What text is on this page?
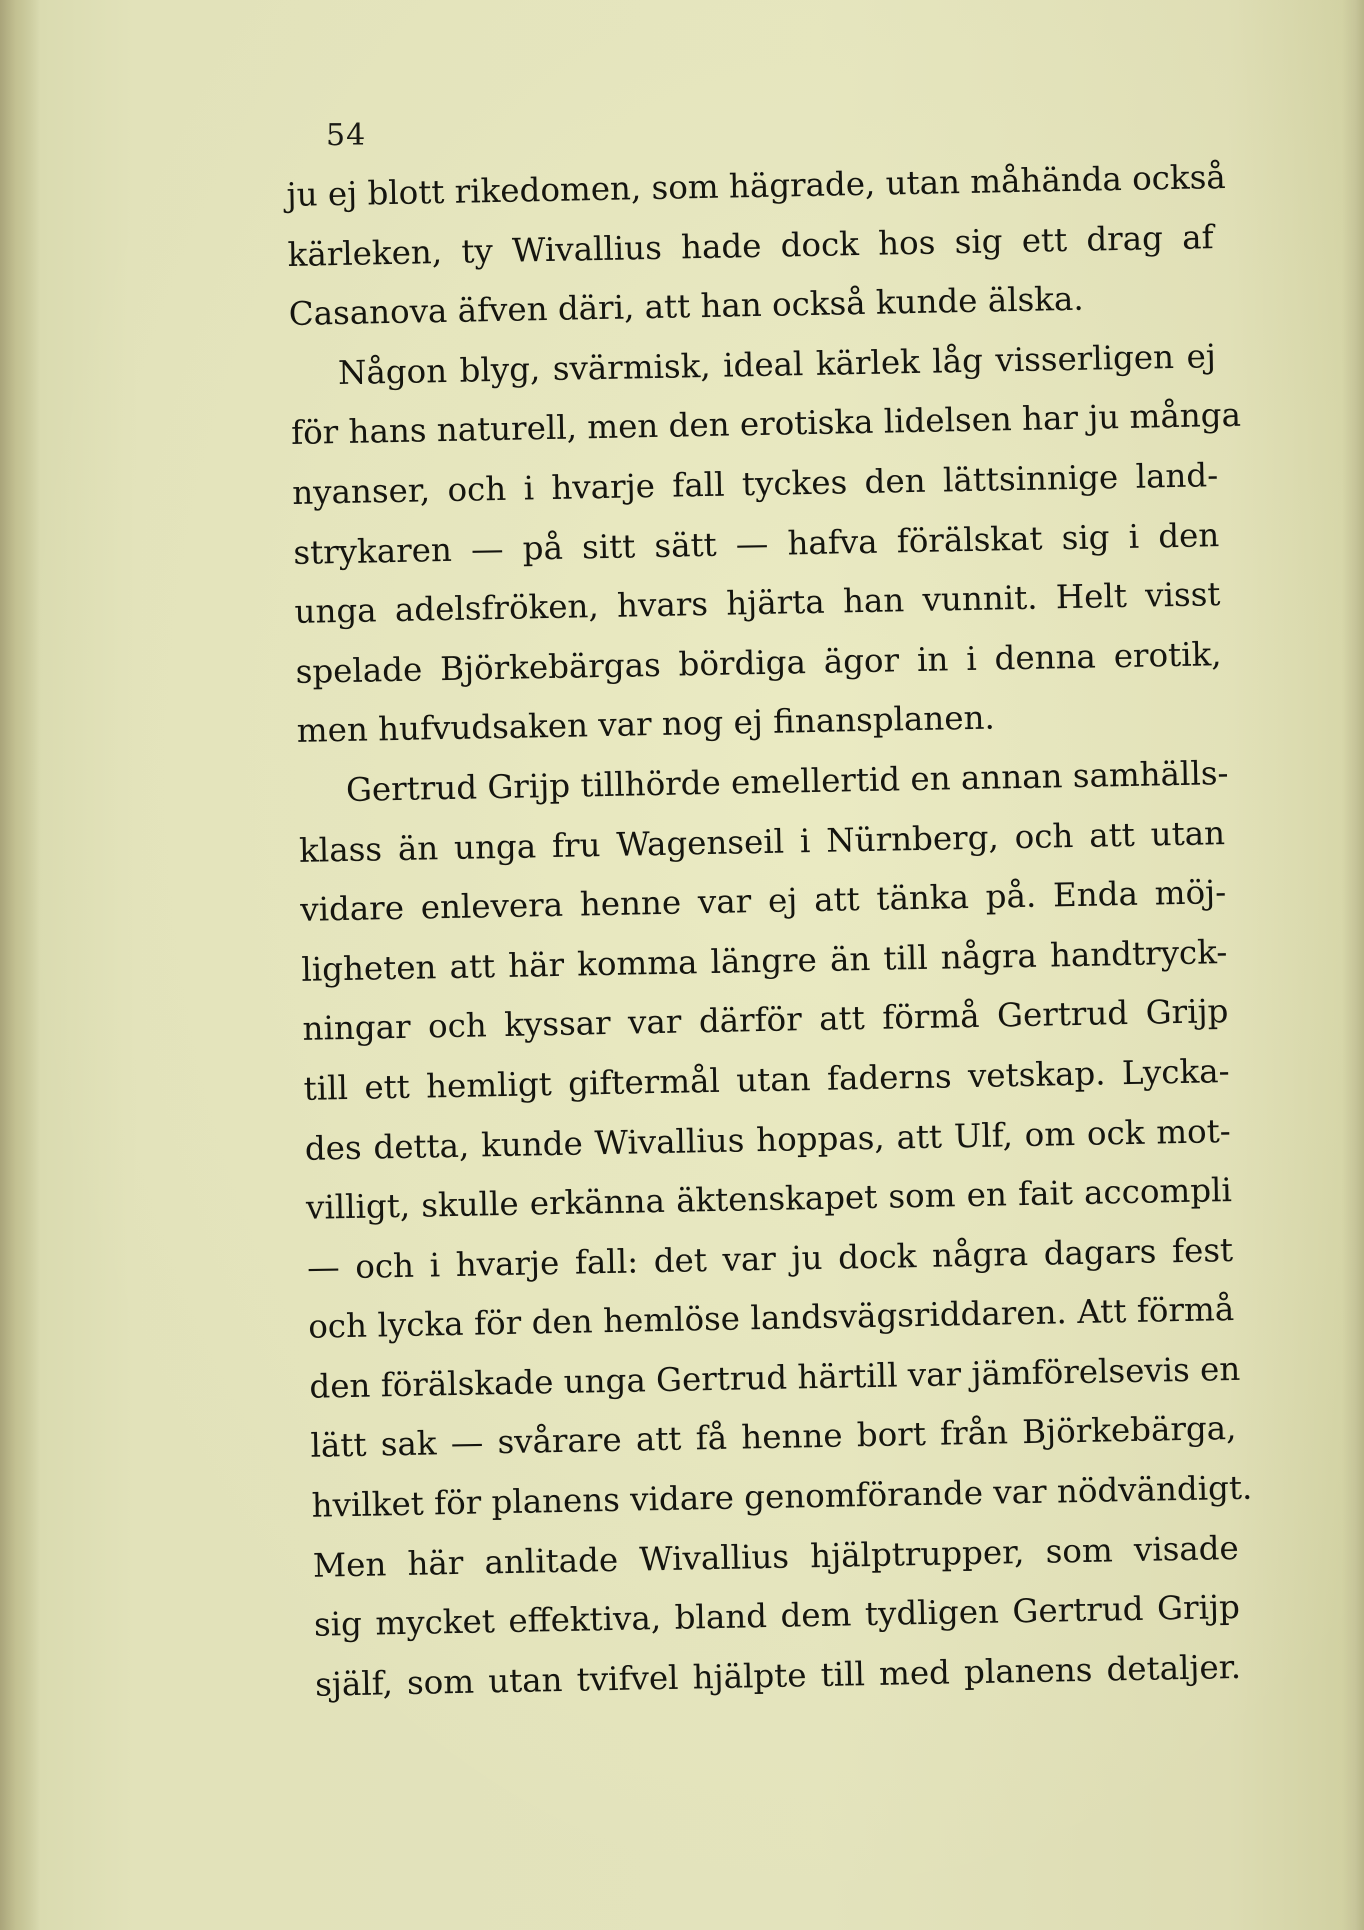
54
ju ej blott rikedomen, som hägrade, utan måhända också
kärleken, ty Wivallius hade dock hos sig ett drag af
Casanova äfven däri, att han också kunde älska.
Någon blyg, svärmisk, ideal kärlek låg visserligen ej
för hans naturell, men den erotiska lidelsen har ju många
nyanser, och i hvarje fall tyckes den lättsinnige land-
strykaren — på sitt sätt — hafva förälskat sig i den
unga adelsfröken, hvars hjärta han vunnit. Helt visst
spelade Björkebärgas bördiga ägor in i denna erotik,
men hufvudsaken var nog ej finansplanen.
Gertrud Grijp tillhörde emellertid en annan samhälls-
klass än unga fru Wagenseil i Nürnberg, och att utan
vidare enlevera henne var ej att tänka på. Enda möj-
ligheten att här komma längre än till några handtryck-
ningar och kyssar var därför att förmå Gertrud Grijp
till ett hemligt giftermål utan faderns vetskap. Lycka-
des detta, kunde Wivallius hoppas, att Ulf, om ock mot-
villigt, skulle erkänna äktenskapet som en fait accompli
— och i hvarje fall: det var ju dock några dagars fest
och lycka för den hemlöse landsvägsriddaren. Att förmå
den förälskade unga Gertrud härtill var jämförelsevis en
lätt sak — svårare att få henne bort från Björkebärga,
hvilket för planens vidare genomförande var nödvändigt.
Men här anlitade Wivallius hjälptrupper, som visade
sig mycket effektiva, bland dem tydligen Gertrud Grijp
själf, som utan tvifvel hjälpte till med planens detaljer.
